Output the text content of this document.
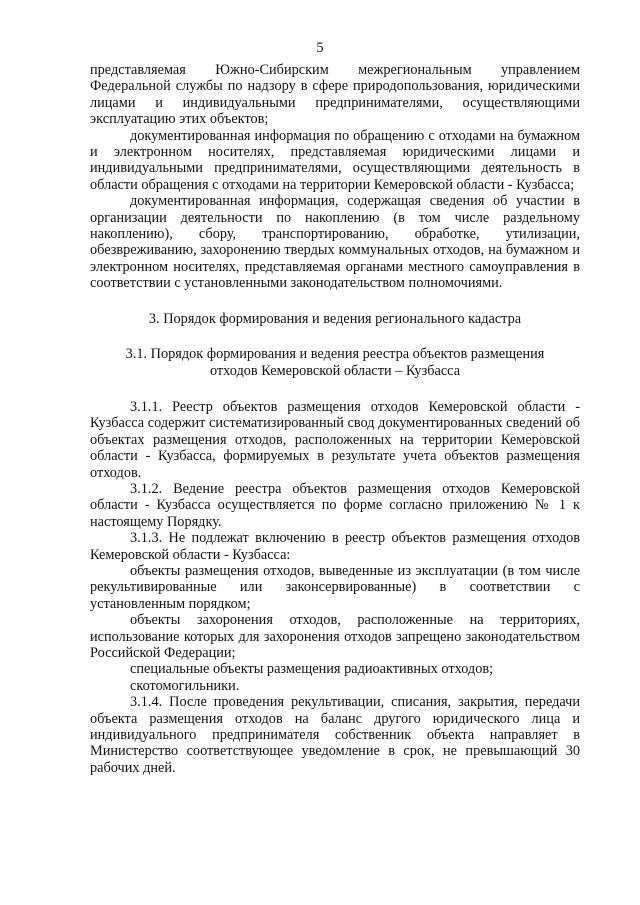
5

представляемая Южно-Сибирским межрегиональным управлением Федеральной службы по надзору в сфере природопользования, юридическими лицами и индивидуальными предпринимателями, осуществляющими эксплуатацию этих объектов;

документированная информация по обращению с отходами на бумажном и электронном носителях, представляемая юридическими лицами и индивидуальными предпринимателями, осуществляющими деятельность в области обращения с отходами на территории Кемеровской области - Кузбасса;

документированная информация, содержащая сведения об участии в организации деятельности по накоплению (в том числе раздельному накоплению), сбору, транспортированию, обработке, утилизации, обезвреживанию, захоронению твердых коммунальных отходов, на бумажном и электронном носителях, представляемая органами местного самоуправления в соответствии с установленными законодательством полномочиями.

3. Порядок формирования и ведения регионального кадастра
3.1. Порядок формирования и ведения реестра объектов размещения
отходов Кемеровской области – Кузбасса

3.1.1. Реестр объектов размещения отходов Кемеровской области - Кузбасса содержит систематизированный свод документированных сведений об объектах размещения отходов, расположенных на территории Кемеровской области - Кузбасса, формируемых в результате учета объектов размещения отходов.

3.1.2. Ведение реестра объектов размещения отходов Кемеровской области - Кузбасса осуществляется по форме согласно приложению № 1 к настоящему Порядку.

3.1.3. Не подлежат включению в реестр объектов размещения отходов Кемеровской области - Кузбасса:

объекты размещения отходов, выведенные из эксплуатации (в том числе рекультивированные или законсервированные) в соответствии с установленным порядком;

объекты захоронения отходов, расположенные на территориях, использование которых для захоронения отходов запрещено законодательством Российской Федерации;

специальные объекты размещения радиоактивных отходов;

скотомогильники.

3.1.4. После проведения рекультивации, списания, закрытия, передачи объекта размещения отходов на баланс другого юридического лица и индивидуального предпринимателя собственник объекта направляет в Министерство соответствующее уведомление в срок, не превышающий 30 рабочих дней.
